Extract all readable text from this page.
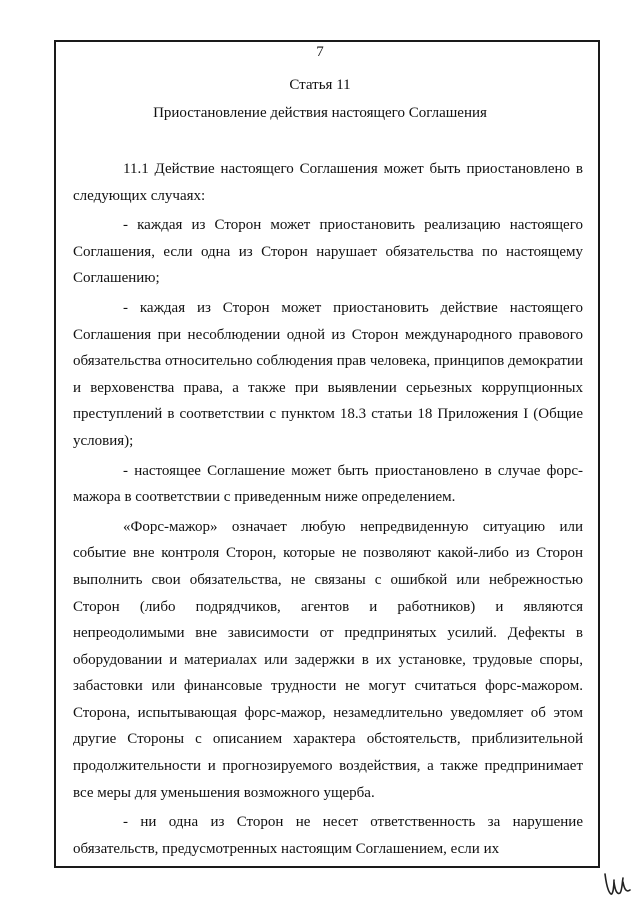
7
Статья 11
Приостановление действия настоящего Соглашения

11.1 Действие настоящего Соглашения может быть приостановлено в следующих случаях:

- каждая из Сторон может приостановить реализацию настоящего Соглашения, если одна из Сторон нарушает обязательства по настоящему Соглашению;

- каждая из Сторон может приостановить действие настоящего Соглашения при несоблюдении одной из Сторон международного правового обязательства относительно соблюдения прав человека, принципов демократии и верховенства права, а также при выявлении серьезных коррупционных преступлений в соответствии с пунктом 18.3 статьи 18 Приложения I (Общие условия);

- настоящее Соглашение может быть приостановлено в случае форс-мажора в соответствии с приведенным ниже определением.

«Форс-мажор» означает любую непредвиденную ситуацию или событие вне контроля Сторон, которые не позволяют какой-либо из Сторон выполнить свои обязательства, не связаны с ошибкой или небрежностью Сторон (либо подрядчиков, агентов и работников) и являются непреодолимыми вне зависимости от предпринятых усилий. Дефекты в оборудовании и материалах или задержки в их установке, трудовые споры, забастовки или финансовые трудности не могут считаться форс-мажором. Сторона, испытывающая форс-мажор, незамедлительно уведомляет об этом другие Стороны с описанием характера обстоятельств, приблизительной продолжительности и прогнозируемого воздействия, а также предпринимает все меры для уменьшения возможного ущерба.

- ни одна из Сторон не несет ответственность за нарушение обязательств, предусмотренных настоящим Соглашением, если их
